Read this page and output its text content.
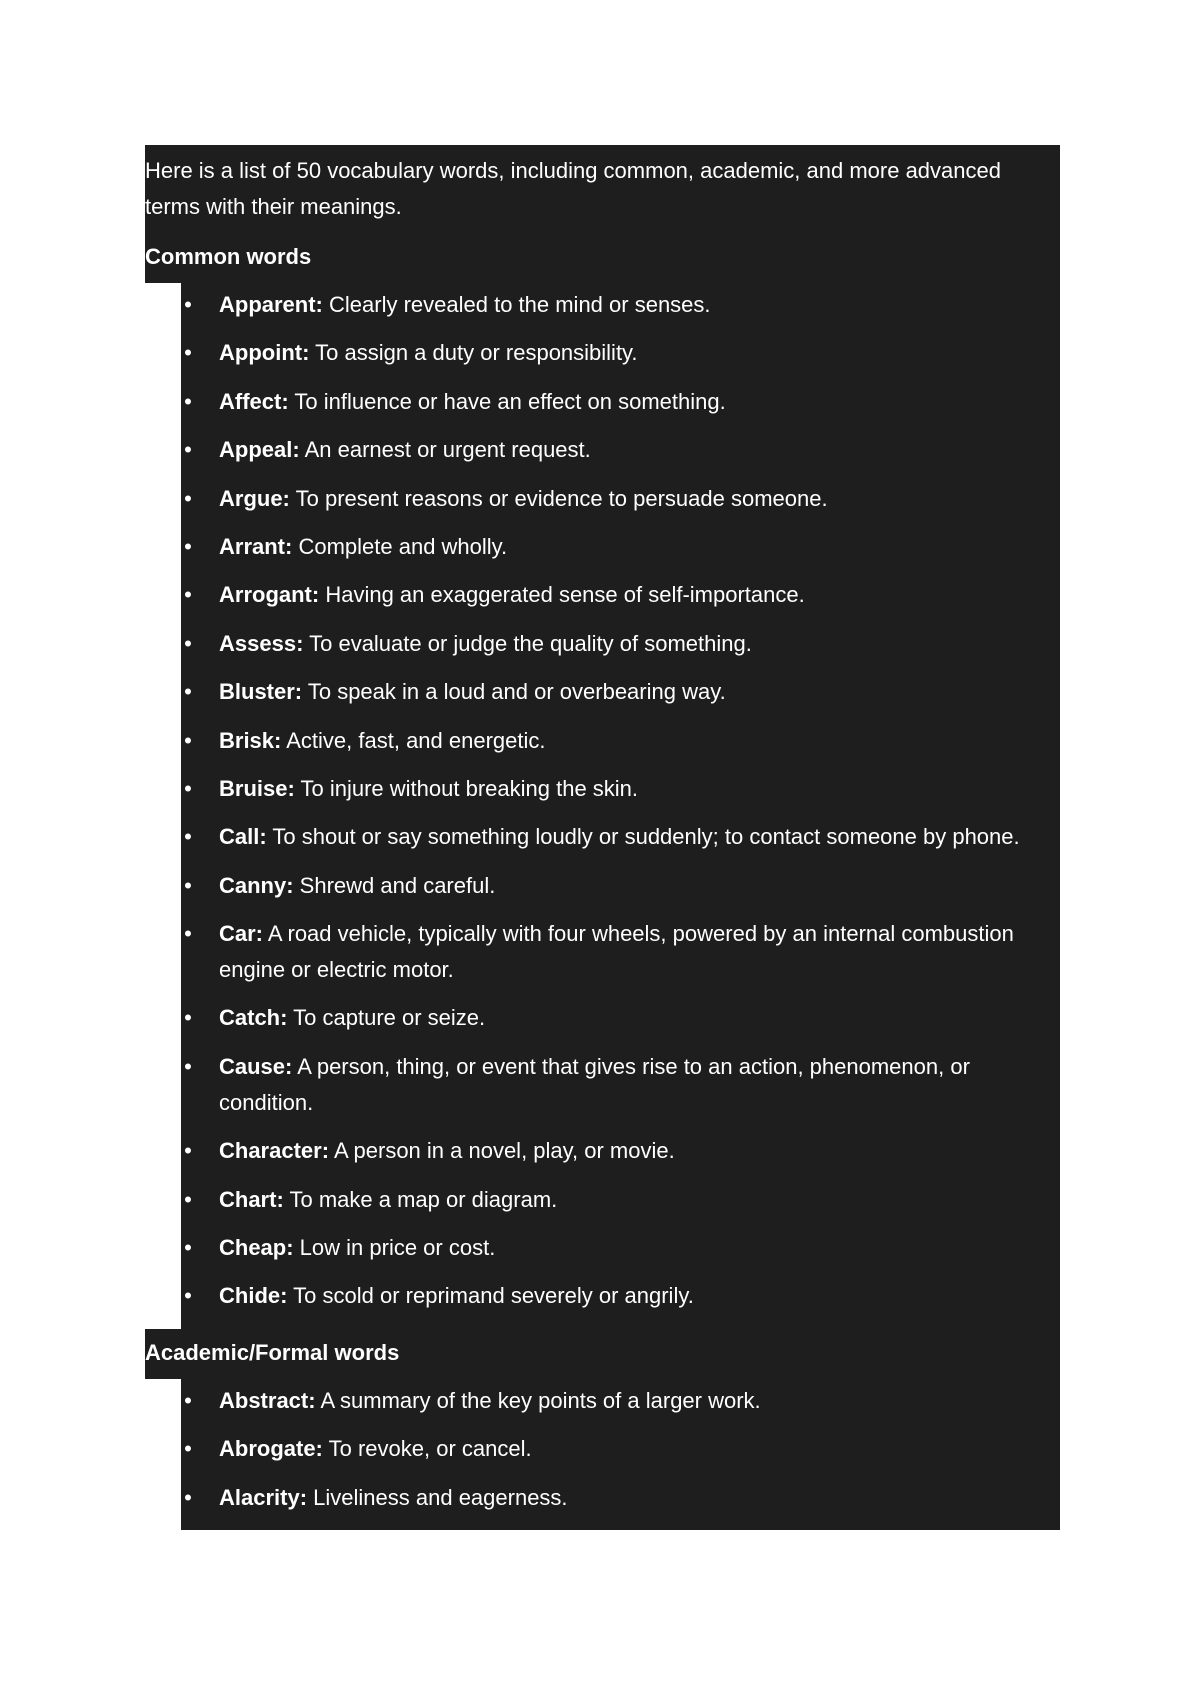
Here is a list of 50 vocabulary words, including common, academic, and more advanced terms with their meanings.

Common words
• Apparent: Clearly revealed to the mind or senses.
• Appoint: To assign a duty or responsibility.
• Affect: To influence or have an effect on something.
• Appeal: An earnest or urgent request.
• Argue: To present reasons or evidence to persuade someone.
• Arrant: Complete and wholly.
• Arrogant: Having an exaggerated sense of self-importance.
• Assess: To evaluate or judge the quality of something.
• Bluster: To speak in a loud and or overbearing way.
• Brisk: Active, fast, and energetic.
• Bruise: To injure without breaking the skin.
• Call: To shout or say something loudly or suddenly; to contact someone by phone.
• Canny: Shrewd and careful.
• Car: A road vehicle, typically with four wheels, powered by an internal combustion engine or electric motor.
• Catch: To capture or seize.
• Cause: A person, thing, or event that gives rise to an action, phenomenon, or condition.
• Character: A person in a novel, play, or movie.
• Chart: To make a map or diagram.
• Cheap: Low in price or cost.
• Chide: To scold or reprimand severely or angrily.
Academic/Formal words
• Abstract: A summary of the key points of a larger work.
• Abrogate: To revoke, or cancel.
• Alacrity: Liveliness and eagerness.
